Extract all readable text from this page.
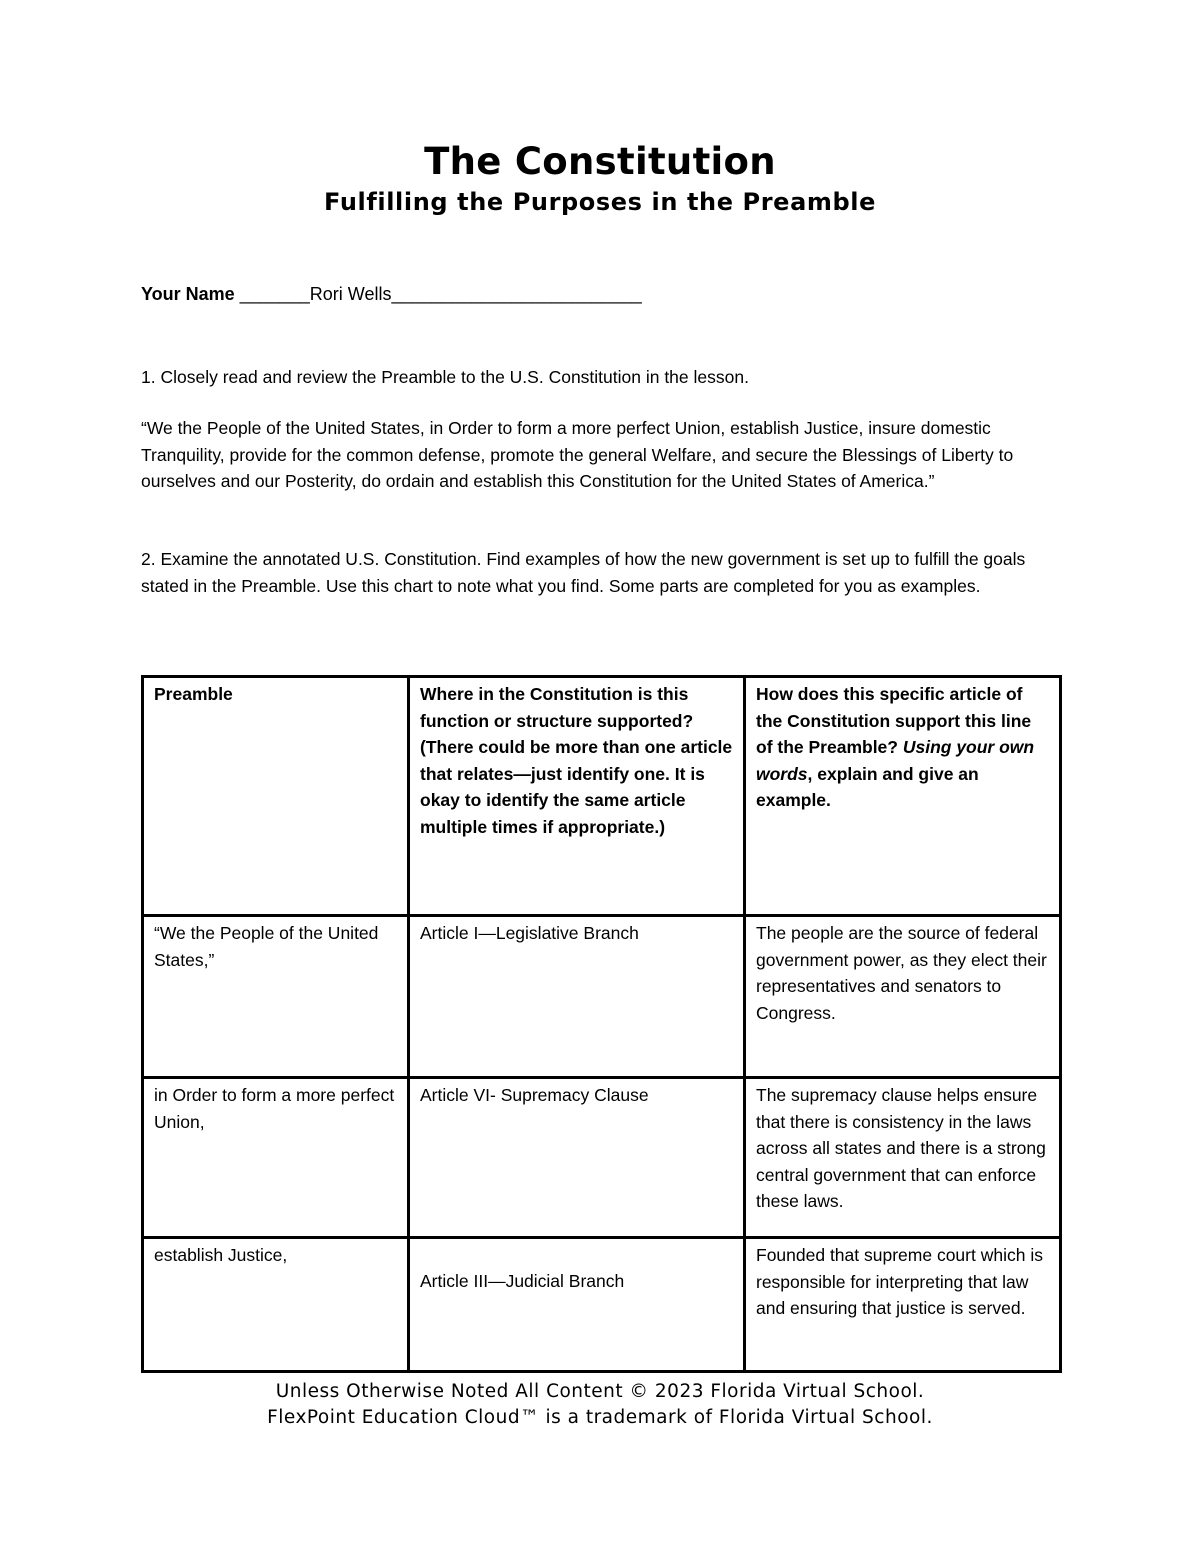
The Constitution
Fulfilling the Purposes in the Preamble
Your Name _______Rori Wells_________________________
1. Closely read and review the Preamble to the U.S. Constitution in the lesson.
“We the People of the United States, in Order to form a more perfect Union, establish Justice, insure domestic Tranquility, provide for the common defense, promote the general Welfare, and secure the Blessings of Liberty to ourselves and our Posterity, do ordain and establish this Constitution for the United States of America.”
2. Examine the annotated U.S. Constitution. Find examples of how the new government is set up to fulfill the goals stated in the Preamble. Use this chart to note what you find. Some parts are completed for you as examples.
Preamble	Where in the Constitution is this function or structure supported? (There could be more than one article that relates—just identify one. It is okay to identify the same article multiple times if appropriate.)	How does this specific article of the Constitution support this line of the Preamble? Using your own words, explain and give an example.
“We the People of the United States,”	Article I—Legislative Branch	The people are the source of federal government power, as they elect their representatives and senators to Congress.
in Order to form a more perfect Union,	Article VI- Supremacy Clause	The supremacy clause helps ensure that there is consistency in the laws across all states and there is a strong central government that can enforce these laws.
establish Justice,	Article III—Judicial Branch	Founded that supreme court which is responsible for interpreting that law and ensuring that justice is served.
Unless Otherwise Noted All Content © 2023 Florida Virtual School.
FlexPoint Education Cloud™ is a trademark of Florida Virtual School.
